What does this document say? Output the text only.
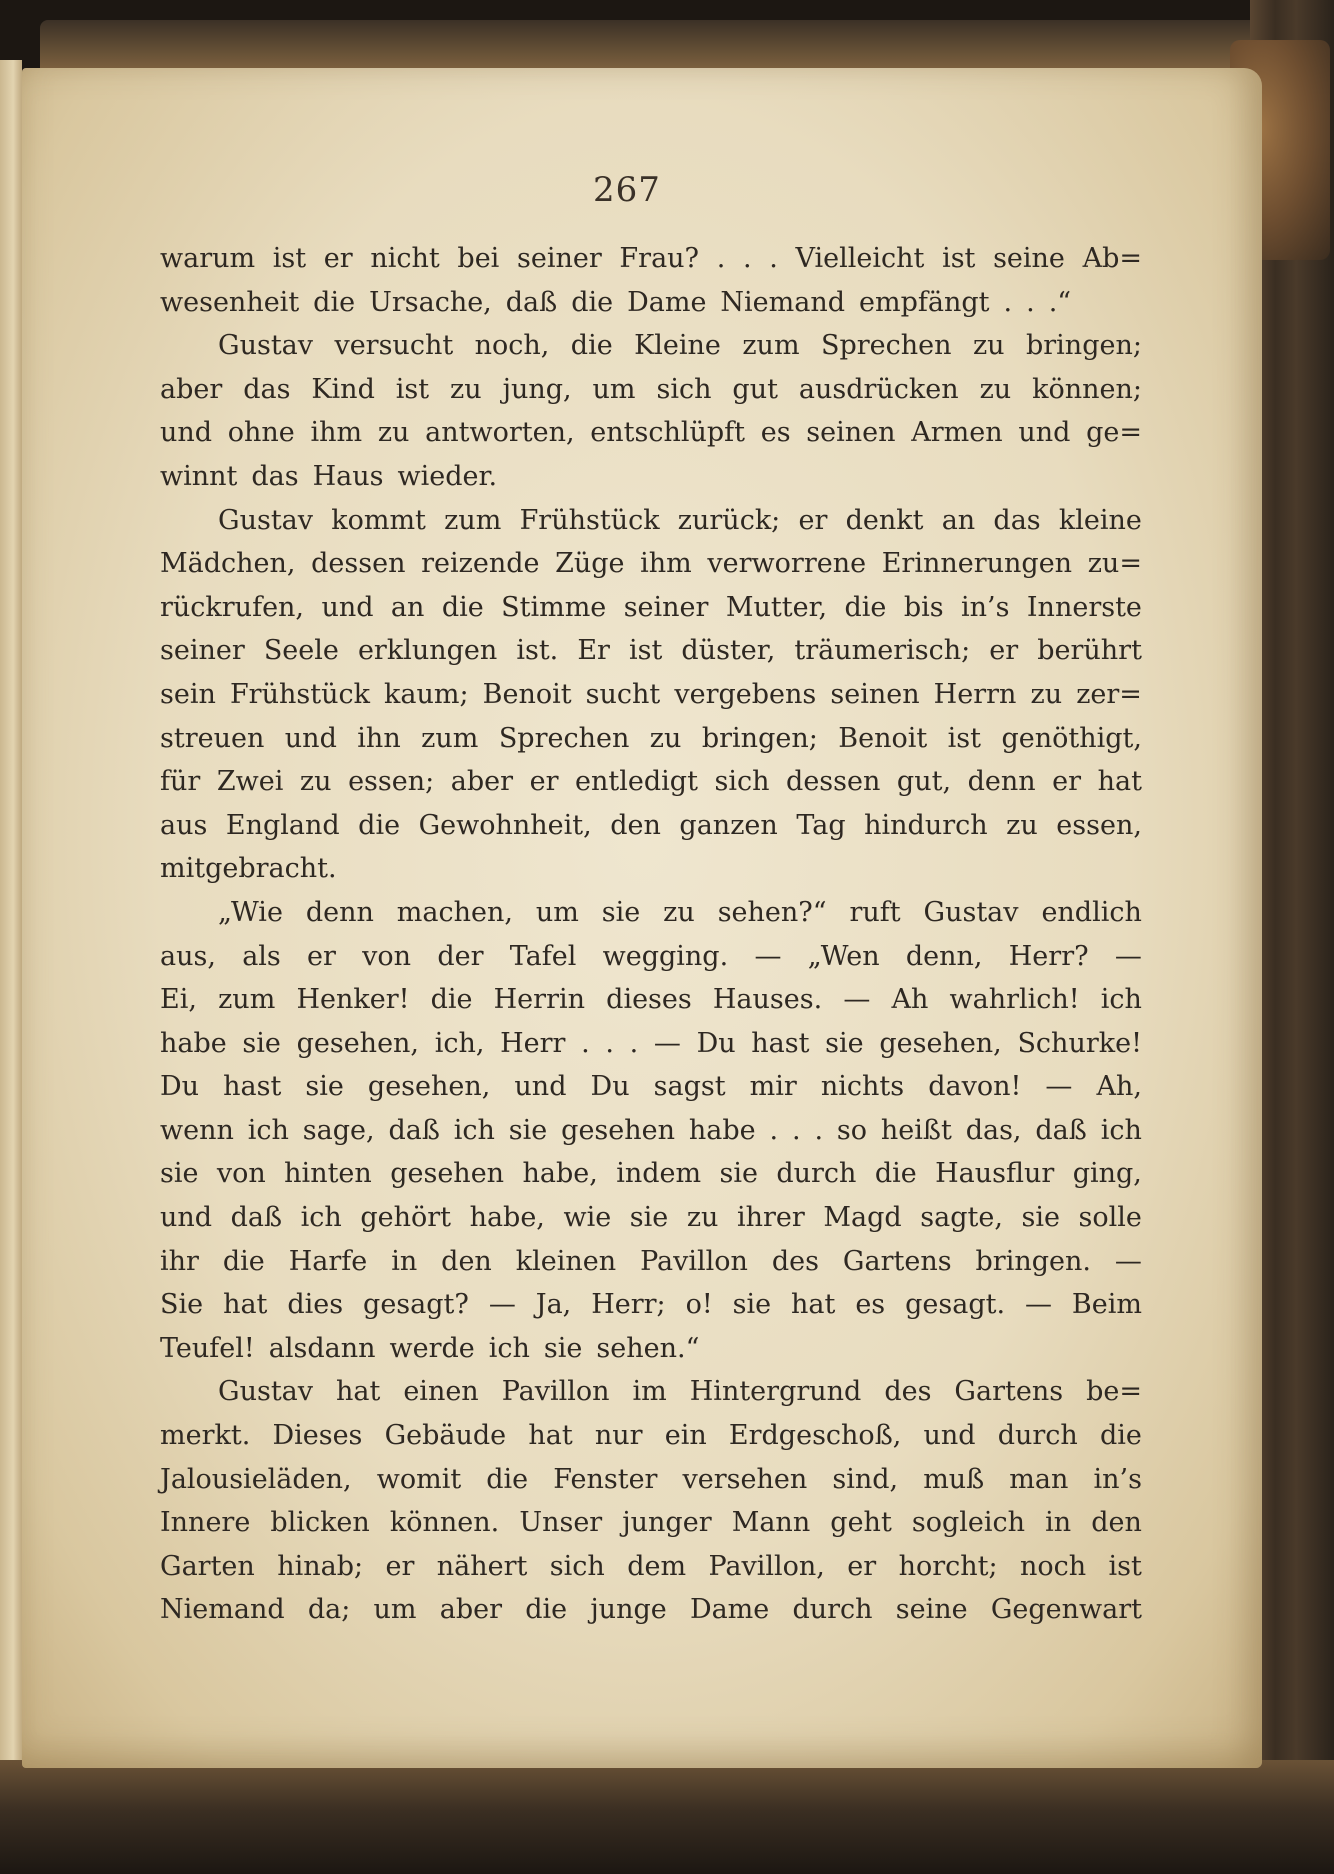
267
warum ist er nicht bei seiner Frau? . . . Vielleicht ist seine Ab=
wesenheit die Ursache, daß die Dame Niemand empfängt . . .“
Gustav versucht noch, die Kleine zum Sprechen zu bringen;
aber das Kind ist zu jung, um sich gut ausdrücken zu können;
und ohne ihm zu antworten, entschlüpft es seinen Armen und ge=
winnt das Haus wieder.
Gustav kommt zum Frühstück zurück; er denkt an das kleine
Mädchen, dessen reizende Züge ihm verworrene Erinnerungen zu=
rückrufen, und an die Stimme seiner Mutter, die bis in’s Innerste
seiner Seele erklungen ist. Er ist düster, träumerisch; er berührt
sein Frühstück kaum; Benoit sucht vergebens seinen Herrn zu zer=
streuen und ihn zum Sprechen zu bringen; Benoit ist genöthigt,
für Zwei zu essen; aber er entledigt sich dessen gut, denn er hat
aus England die Gewohnheit, den ganzen Tag hindurch zu essen,
mitgebracht.
„Wie denn machen, um sie zu sehen?“ ruft Gustav endlich
aus, als er von der Tafel wegging. — „Wen denn, Herr? —
Ei, zum Henker! die Herrin dieses Hauses. — Ah wahrlich! ich
habe sie gesehen, ich, Herr . . . — Du hast sie gesehen, Schurke!
Du hast sie gesehen, und Du sagst mir nichts davon! — Ah,
wenn ich sage, daß ich sie gesehen habe . . . so heißt das, daß ich
sie von hinten gesehen habe, indem sie durch die Hausflur ging,
und daß ich gehört habe, wie sie zu ihrer Magd sagte, sie solle
ihr die Harfe in den kleinen Pavillon des Gartens bringen. —
Sie hat dies gesagt? — Ja, Herr; o! sie hat es gesagt. — Beim
Teufel! alsdann werde ich sie sehen.“
Gustav hat einen Pavillon im Hintergrund des Gartens be=
merkt. Dieses Gebäude hat nur ein Erdgeschoß, und durch die
Jalousieläden, womit die Fenster versehen sind, muß man in’s
Innere blicken können. Unser junger Mann geht sogleich in den
Garten hinab; er nähert sich dem Pavillon, er horcht; noch ist
Niemand da; um aber die junge Dame durch seine Gegenwart
